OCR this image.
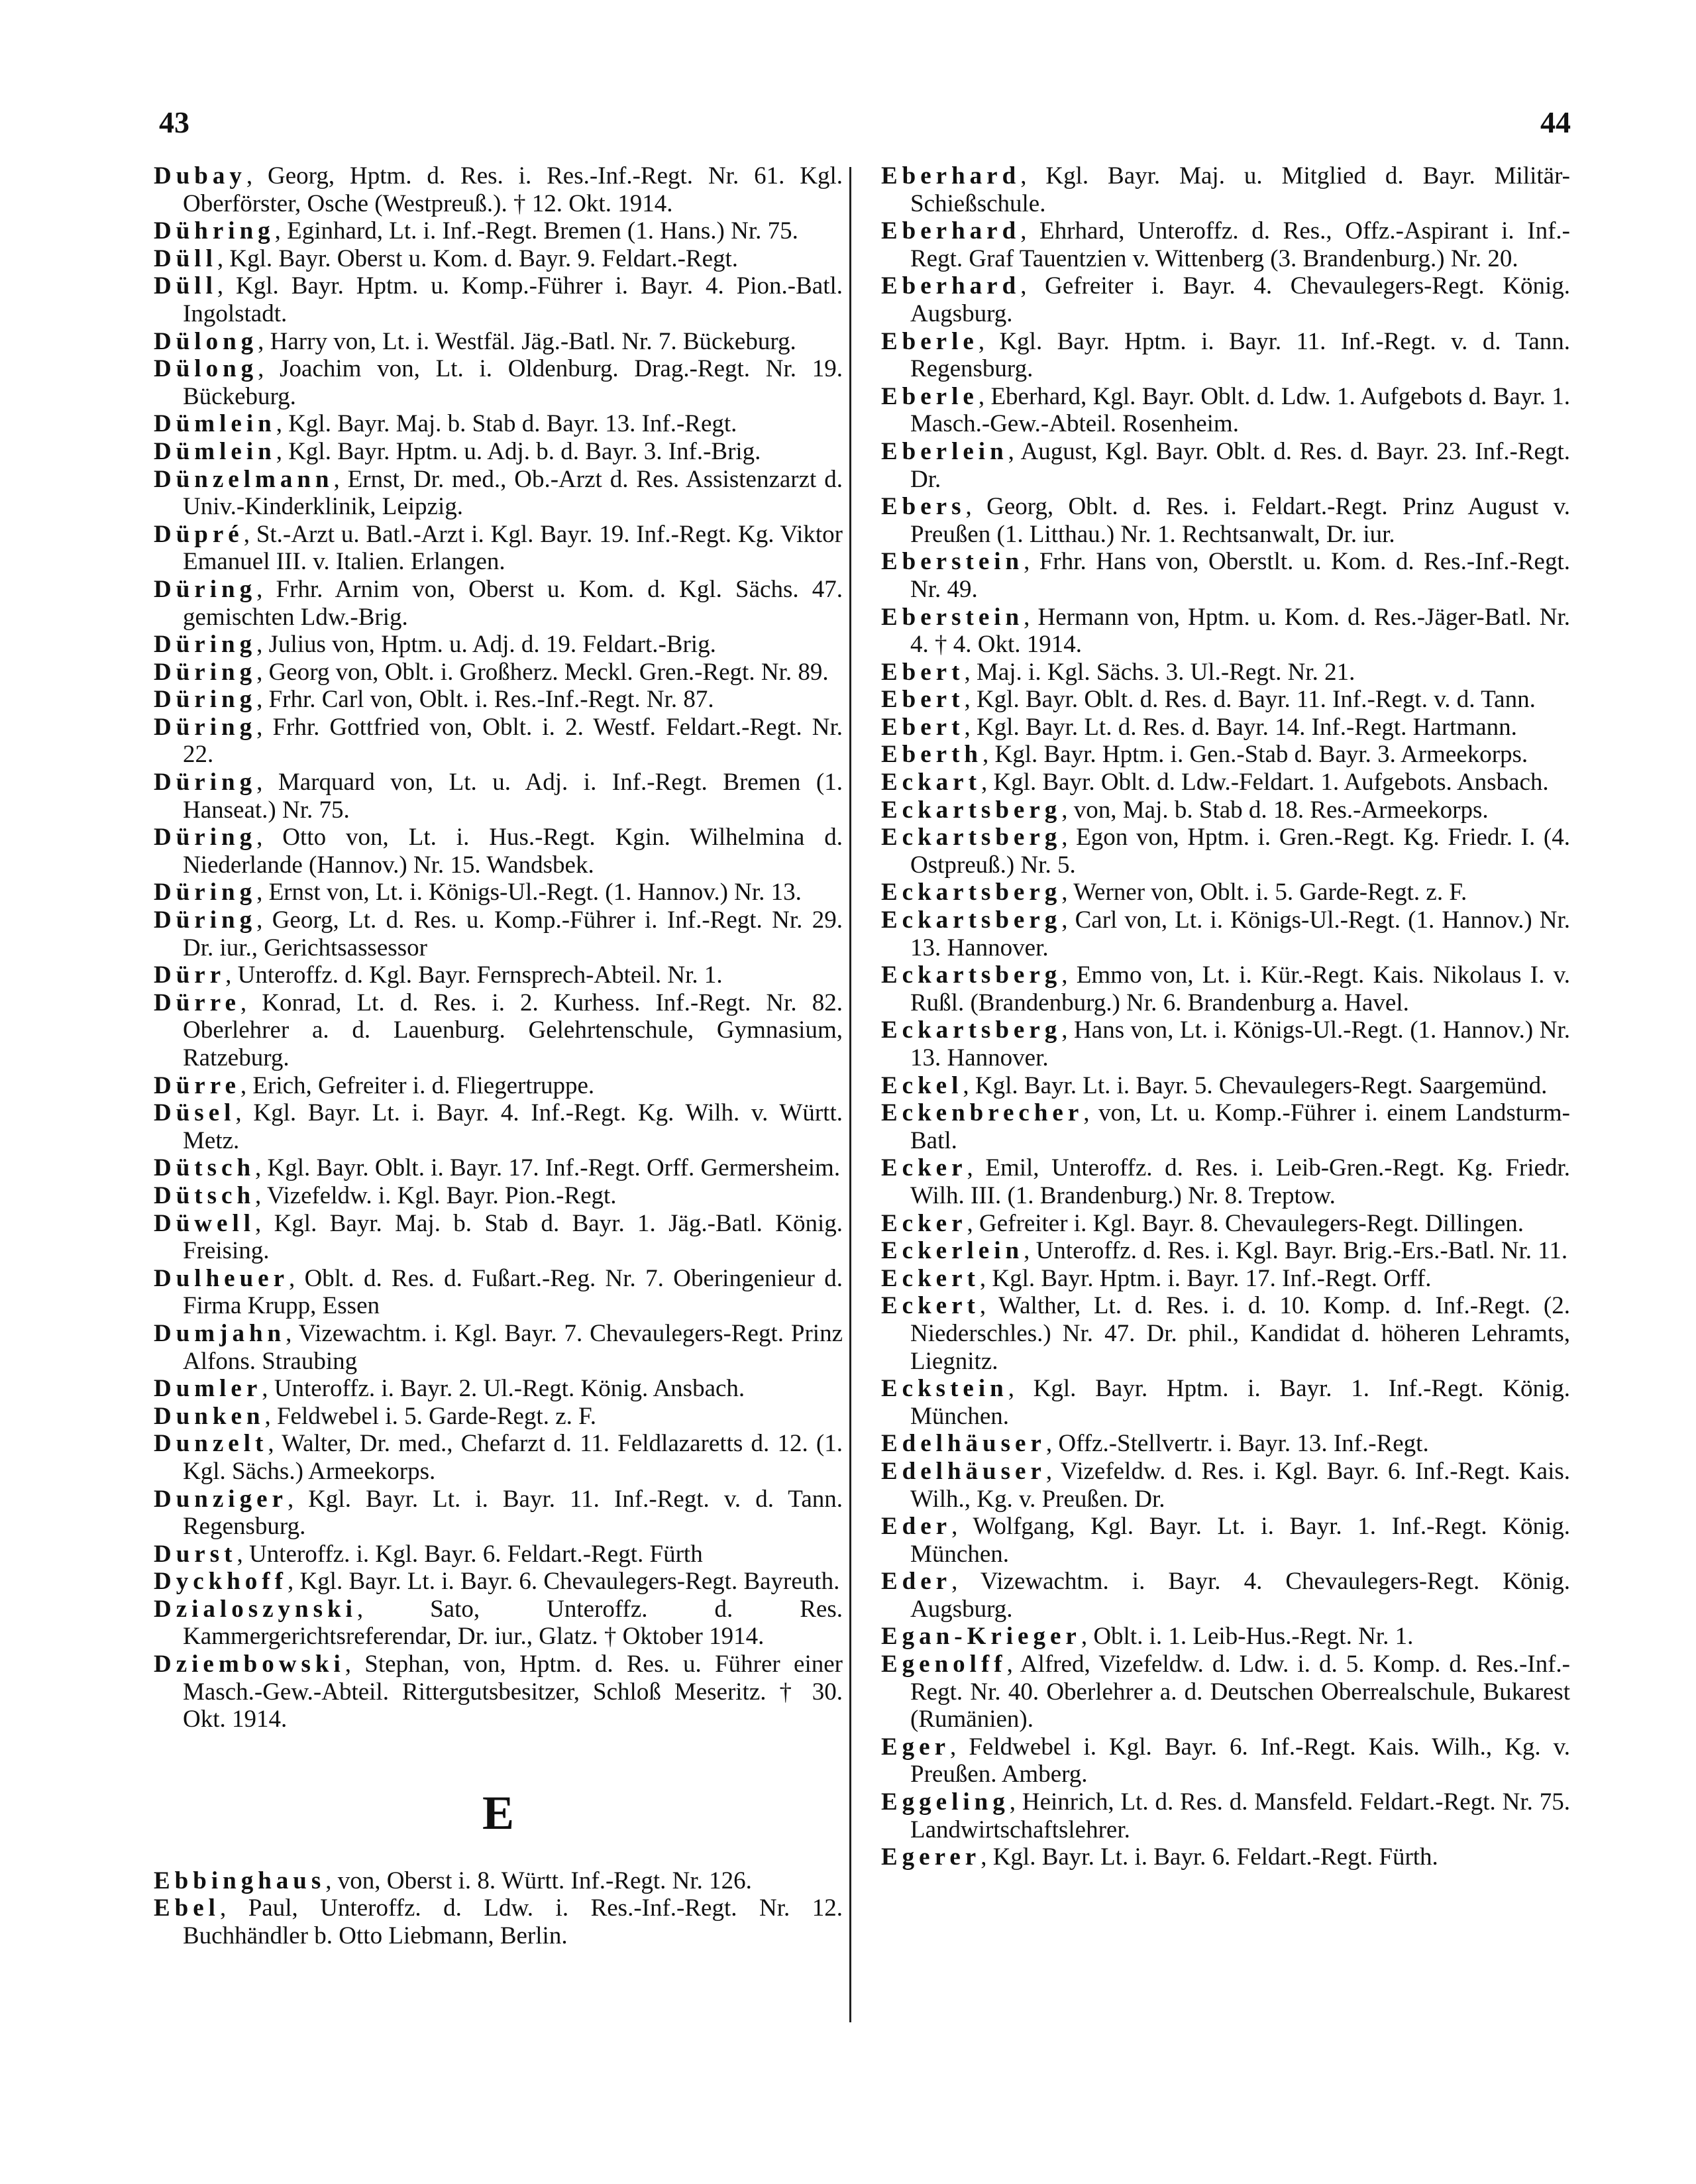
43	44

Dubay, Georg, Hptm. d. Res. i. Res.-Inf.-Regt. Nr. 61. Kgl. Oberförster, Osche (Westpreuß.). † 12. Okt. 1914.

Dühring, Eginhard, Lt. i. Inf.-Regt. Bremen (1. Hans.) Nr. 75.

Düll, Kgl. Bayr. Oberst u. Kom. d. Bayr. 9. Feldart.-Regt.

Düll, Kgl. Bayr. Hptm. u. Komp.-Führer i. Bayr. 4. Pion.-Batl. Ingolstadt.

Dülong, Harry von, Lt. i. Westfäl. Jäg.-Batl. Nr. 7. Bückeburg.

Dülong, Joachim von, Lt. i. Oldenburg. Drag.-Regt. Nr. 19. Bückeburg.

Dümlein, Kgl. Bayr. Maj. b. Stab d. Bayr. 13. Inf.-Regt.

Dümlein, Kgl. Bayr. Hptm. u. Adj. b. d. Bayr. 3. Inf.-Brig.

Dünzelmann, Ernst, Dr. med., Ob.-Arzt d. Res. Assistenzarzt d. Univ.-Kinderklinik, Leipzig.

Düpré, St.-Arzt u. Batl.-Arzt i. Kgl. Bayr. 19. Inf.-Regt. Kg. Viktor Emanuel III. v. Italien. Erlangen.

Düring, Frhr. Arnim von, Oberst u. Kom. d. Kgl. Sächs. 47. gemischten Ldw.-Brig.

Düring, Julius von, Hptm. u. Adj. d. 19. Feldart.-Brig.

Düring, Georg von, Oblt. i. Großherz. Meckl. Gren.-Regt. Nr. 89.

Düring, Frhr. Carl von, Oblt. i. Res.-Inf.-Regt. Nr. 87.

Düring, Frhr. Gottfried von, Oblt. i. 2. Westf. Feldart.-Regt. Nr. 22.

Düring, Marquard von, Lt. u. Adj. i. Inf.-Regt. Bremen (1. Hanseat.) Nr. 75.

Düring, Otto von, Lt. i. Hus.-Regt. Kgin. Wilhelmina d. Niederlande (Hannov.) Nr. 15. Wandsbek.

Düring, Ernst von, Lt. i. Königs-Ul.-Regt. (1. Hannov.) Nr. 13.

Düring, Georg, Lt. d. Res. u. Komp.-Führer i. Inf.-Regt. Nr. 29. Dr. iur., Gerichtsassessor

Dürr, Unteroffz. d. Kgl. Bayr. Fernsprech-Abteil. Nr. 1.

Dürre, Konrad, Lt. d. Res. i. 2. Kurhess. Inf.-Regt. Nr. 82. Oberlehrer a. d. Lauenburg. Gelehrtenschule, Gymnasium, Ratzeburg.

Dürre, Erich, Gefreiter i. d. Fliegertruppe.

Düsel, Kgl. Bayr. Lt. i. Bayr. 4. Inf.-Regt. Kg. Wilh. v. Württ. Metz.

Dütsch, Kgl. Bayr. Oblt. i. Bayr. 17. Inf.-Regt. Orff. Germersheim.

Dütsch, Vizefeldw. i. Kgl. Bayr. Pion.-Regt.

Düwell, Kgl. Bayr. Maj. b. Stab d. Bayr. 1. Jäg.-Batl. König. Freising.

Dulheuer, Oblt. d. Res. d. Fußart.-Reg. Nr. 7. Oberingenieur d. Firma Krupp, Essen

Dumjahn, Vizewachtm. i. Kgl. Bayr. 7. Chevaulegers-Regt. Prinz Alfons. Straubing

Dumler, Unteroffz. i. Bayr. 2. Ul.-Regt. König. Ansbach.

Dunken, Feldwebel i. 5. Garde-Regt. z. F.

Dunzelt, Walter, Dr. med., Chefarzt d. 11. Feldlazaretts d. 12. (1. Kgl. Sächs.) Armeekorps.

Dunziger, Kgl. Bayr. Lt. i. Bayr. 11. Inf.-Regt. v. d. Tann. Regensburg.

Durst, Unteroffz. i. Kgl. Bayr. 6. Feldart.-Regt. Fürth

Dyckhoff, Kgl. Bayr. Lt. i. Bayr. 6. Chevaulegers-Regt. Bayreuth.

Dzialoszynski, Sato, Unteroffz. d. Res. Kammergerichtsreferendar, Dr. iur., Glatz. † Oktober 1914.

Dziembowski, Stephan, von, Hptm. d. Res. u. Führer einer Masch.-Gew.-Abteil. Rittergutsbesitzer, Schloß Meseritz. † 30. Okt. 1914.

E

Ebbinghaus, von, Oberst i. 8. Württ. Inf.-Regt. Nr. 126.

Ebel, Paul, Unteroffz. d. Ldw. i. Res.-Inf.-Regt. Nr. 12. Buchhändler b. Otto Liebmann, Berlin.

Eberhard, Kgl. Bayr. Maj. u. Mitglied d. Bayr. Militär-Schießschule.

Eberhard, Ehrhard, Unteroffz. d. Res., Offz.-Aspirant i. Inf.-Regt. Graf Tauentzien v. Wittenberg (3. Brandenburg.) Nr. 20.

Eberhard, Gefreiter i. Bayr. 4. Chevaulegers-Regt. König. Augsburg.

Eberle, Kgl. Bayr. Hptm. i. Bayr. 11. Inf.-Regt. v. d. Tann. Regensburg.

Eberle, Eberhard, Kgl. Bayr. Oblt. d. Ldw. 1. Aufgebots d. Bayr. 1. Masch.-Gew.-Abteil. Rosenheim.

Eberlein, August, Kgl. Bayr. Oblt. d. Res. d. Bayr. 23. Inf.-Regt. Dr.

Ebers, Georg, Oblt. d. Res. i. Feldart.-Regt. Prinz August v. Preußen (1. Litthau.) Nr. 1. Rechtsanwalt, Dr. iur.

Eberstein, Frhr. Hans von, Oberstlt. u. Kom. d. Res.-Inf.-Regt. Nr. 49.

Eberstein, Hermann von, Hptm. u. Kom. d. Res.-Jäger-Batl. Nr. 4. † 4. Okt. 1914.

Ebert, Maj. i. Kgl. Sächs. 3. Ul.-Regt. Nr. 21.

Ebert, Kgl. Bayr. Oblt. d. Res. d. Bayr. 11. Inf.-Regt. v. d. Tann.

Ebert, Kgl. Bayr. Lt. d. Res. d. Bayr. 14. Inf.-Regt. Hartmann.

Eberth, Kgl. Bayr. Hptm. i. Gen.-Stab d. Bayr. 3. Armeekorps.

Eckart, Kgl. Bayr. Oblt. d. Ldw.-Feldart. 1. Aufgebots. Ansbach.

Eckartsberg, von, Maj. b. Stab d. 18. Res.-Armeekorps.

Eckartsberg, Egon von, Hptm. i. Gren.-Regt. Kg. Friedr. I. (4. Ostpreuß.) Nr. 5.

Eckartsberg, Werner von, Oblt. i. 5. Garde-Regt. z. F.

Eckartsberg, Carl von, Lt. i. Königs-Ul.-Regt. (1. Hannov.) Nr. 13. Hannover.

Eckartsberg, Emmo von, Lt. i. Kür.-Regt. Kais. Nikolaus I. v. Rußl. (Brandenburg.) Nr. 6. Brandenburg a. Havel.

Eckartsberg, Hans von, Lt. i. Königs-Ul.-Regt. (1. Hannov.) Nr. 13. Hannover.

Eckel, Kgl. Bayr. Lt. i. Bayr. 5. Chevaulegers-Regt. Saargemünd.

Eckenbrecher, von, Lt. u. Komp.-Führer i. einem Landsturm-Batl.

Ecker, Emil, Unteroffz. d. Res. i. Leib-Gren.-Regt. Kg. Friedr. Wilh. III. (1. Brandenburg.) Nr. 8. Treptow.

Ecker, Gefreiter i. Kgl. Bayr. 8. Chevaulegers-Regt. Dillingen.

Eckerlein, Unteroffz. d. Res. i. Kgl. Bayr. Brig.-Ers.-Batl. Nr. 11.

Eckert, Kgl. Bayr. Hptm. i. Bayr. 17. Inf.-Regt. Orff.

Eckert, Walther, Lt. d. Res. i. d. 10. Komp. d. Inf.-Regt. (2. Niederschles.) Nr. 47. Dr. phil., Kandidat d. höheren Lehramts, Liegnitz.

Eckstein, Kgl. Bayr. Hptm. i. Bayr. 1. Inf.-Regt. König. München.

Edelhäuser, Offz.-Stellvertr. i. Bayr. 13. Inf.-Regt.

Edelhäuser, Vizefeldw. d. Res. i. Kgl. Bayr. 6. Inf.-Regt. Kais. Wilh., Kg. v. Preußen. Dr.

Eder, Wolfgang, Kgl. Bayr. Lt. i. Bayr. 1. Inf.-Regt. König. München.

Eder, Vizewachtm. i. Bayr. 4. Chevaulegers-Regt. König. Augsburg.

Egan-Krieger, Oblt. i. 1. Leib-Hus.-Regt. Nr. 1.

Egenolff, Alfred, Vizefeldw. d. Ldw. i. d. 5. Komp. d. Res.-Inf.-Regt. Nr. 40. Oberlehrer a. d. Deutschen Oberrealschule, Bukarest (Rumänien).

Eger, Feldwebel i. Kgl. Bayr. 6. Inf.-Regt. Kais. Wilh., Kg. v. Preußen. Amberg.

Eggeling, Heinrich, Lt. d. Res. d. Mansfeld. Feldart.-Regt. Nr. 75. Landwirtschaftslehrer.

Egerer, Kgl. Bayr. Lt. i. Bayr. 6. Feldart.-Regt. Fürth.
